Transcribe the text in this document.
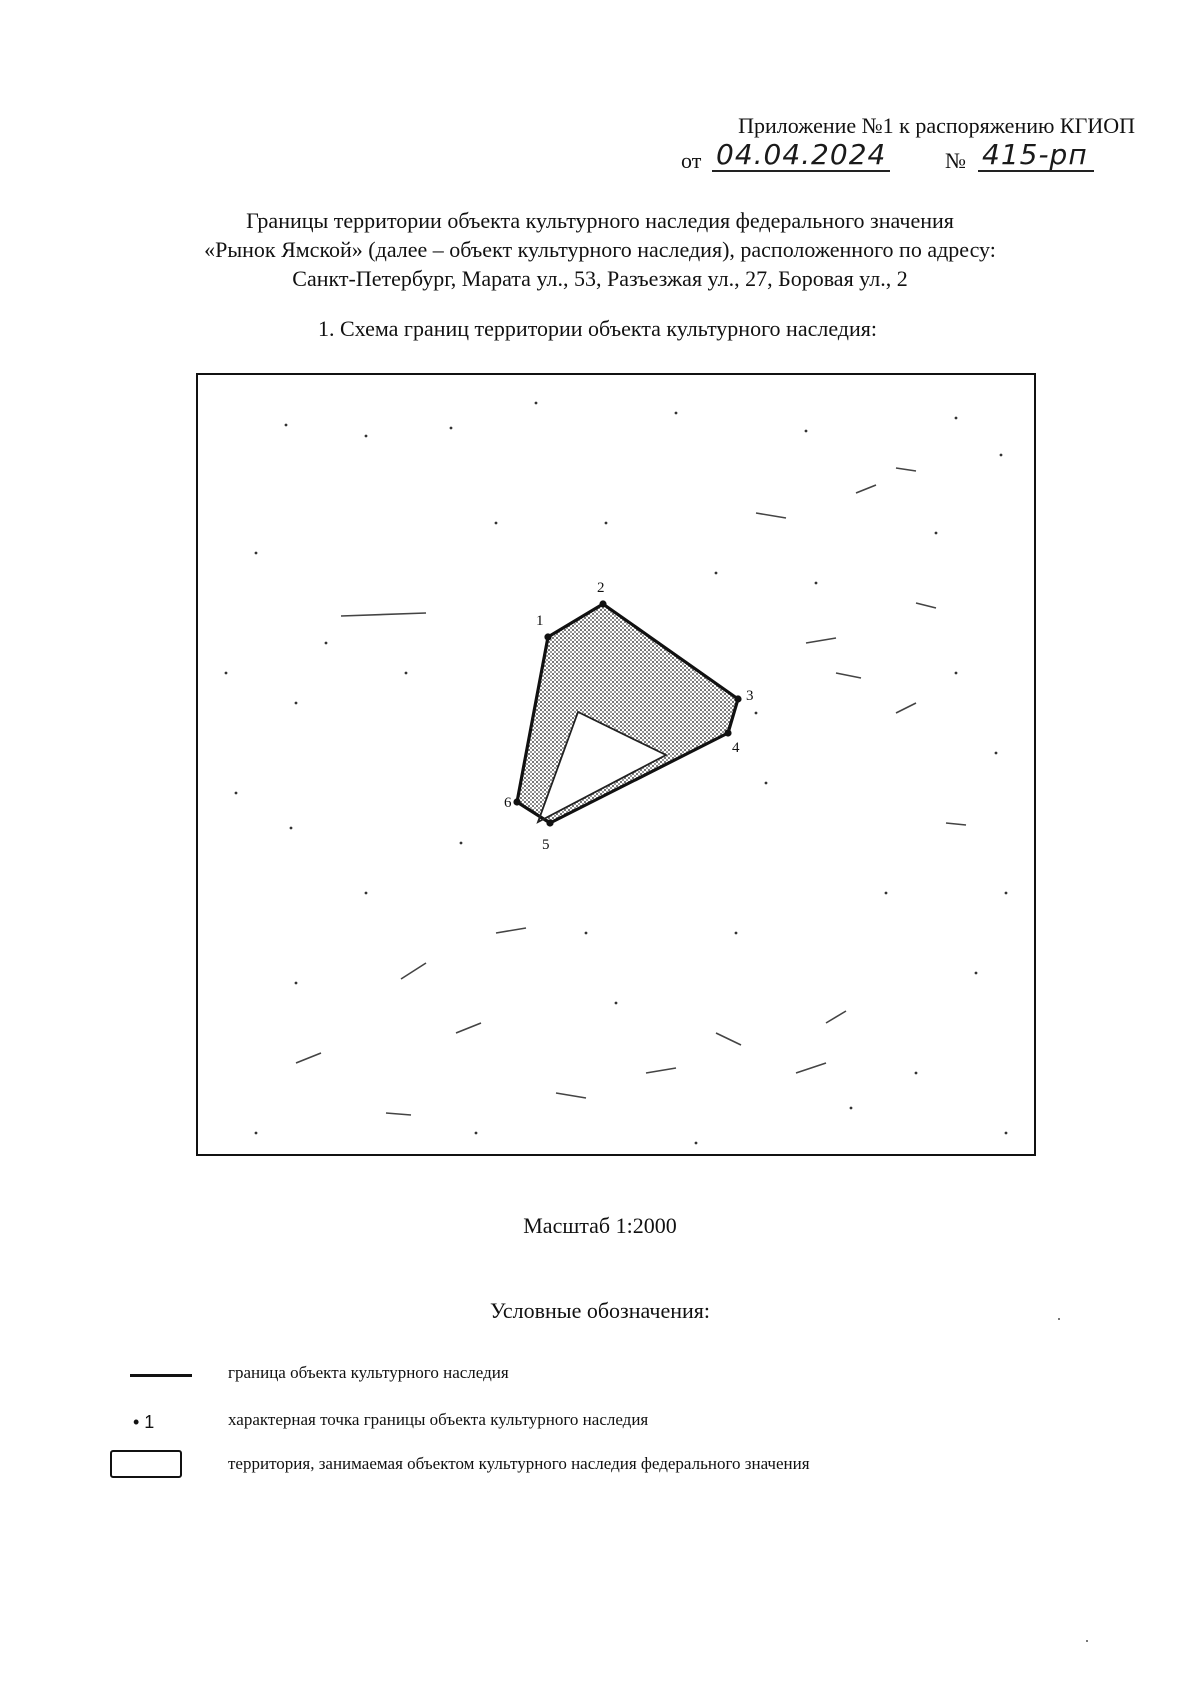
Приложение №1 к распоряжению КГИОП
от 04.04.2024	№ 415-рп
Границы территории объекта культурного наследия федерального значения
«Рынок Ямской» (далее – объект культурного наследия), расположенного по адресу:
Санкт-Петербург, Марата ул., 53, Разъезжая ул., 27, Боровая ул., 2
1. Схема границ территории объекта культурного наследия:
1
2
3
4
5
6
Масштаб 1:2000
Условные обозначения:
граница объекта культурного наследия
• 1	характерная точка границы объекта культурного наследия
территория, занимаемая объектом культурного наследия федерального значения
